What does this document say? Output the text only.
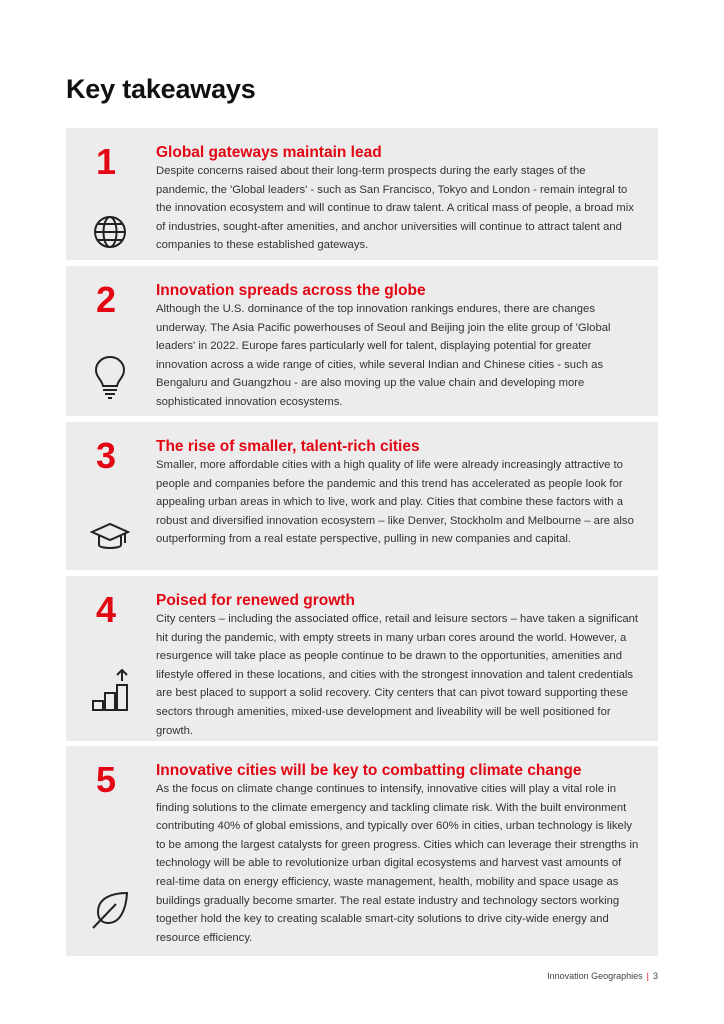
Key takeaways
1	Global gateways maintain lead

Despite concerns raised about their long-term prospects during the early stages of the pandemic, the 'Global leaders' - such as San Francisco, Tokyo and London - remain integral to the innovation ecosystem and will continue to draw talent. A critical mass of people, a broad mix of industries, sought-after amenities, and anchor universities will continue to attract talent and companies to these established gateways.

2	Innovation spreads across the globe

Although the U.S. dominance of the top innovation rankings endures, there are changes underway. The Asia Pacific powerhouses of Seoul and Beijing join the elite group of 'Global leaders' in 2022. Europe fares particularly well for talent, displaying potential for greater innovation across a wide range of cities, while several Indian and Chinese cities - such as Bengaluru and Guangzhou - are also moving up the value chain and developing more sophisticated innovation ecosystems.

3	The rise of smaller, talent-rich cities

Smaller, more affordable cities with a high quality of life were already increasingly attractive to people and companies before the pandemic and this trend has accelerated as people look for appealing urban areas in which to live, work and play. Cities that combine these factors with a robust and diversified innovation ecosystem – like Denver, Stockholm and Melbourne – are also outperforming from a real estate perspective, pulling in new companies and capital.

4	Poised for renewed growth

City centers – including the associated office, retail and leisure sectors – have taken a significant hit during the pandemic, with empty streets in many urban cores around the world. However, a resurgence will take place as people continue to be drawn to the opportunities, amenities and lifestyle offered in these locations, and cities with the strongest innovation and talent credentials are best placed to support a solid recovery. City centers that can pivot toward supporting these sectors through amenities, mixed-use development and liveability will be well positioned for growth.

5	Innovative cities will be key to combatting climate change

As the focus on climate change continues to intensify, innovative cities will play a vital role in finding solutions to the climate emergency and tackling climate risk. With the built environment contributing 40% of global emissions, and typically over 60% in cities, urban technology is likely to be among the largest catalysts for green progress. Cities which can leverage their strengths in technology will be able to revolutionize urban digital ecosystems and harvest vast amounts of real-time data on energy efficiency, waste management, health, mobility and space usage as buildings gradually become smarter. The real estate industry and technology sectors working together hold the key to creating scalable smart-city solutions to drive city-wide energy and resource efficiency.

Innovation Geographies | 3
